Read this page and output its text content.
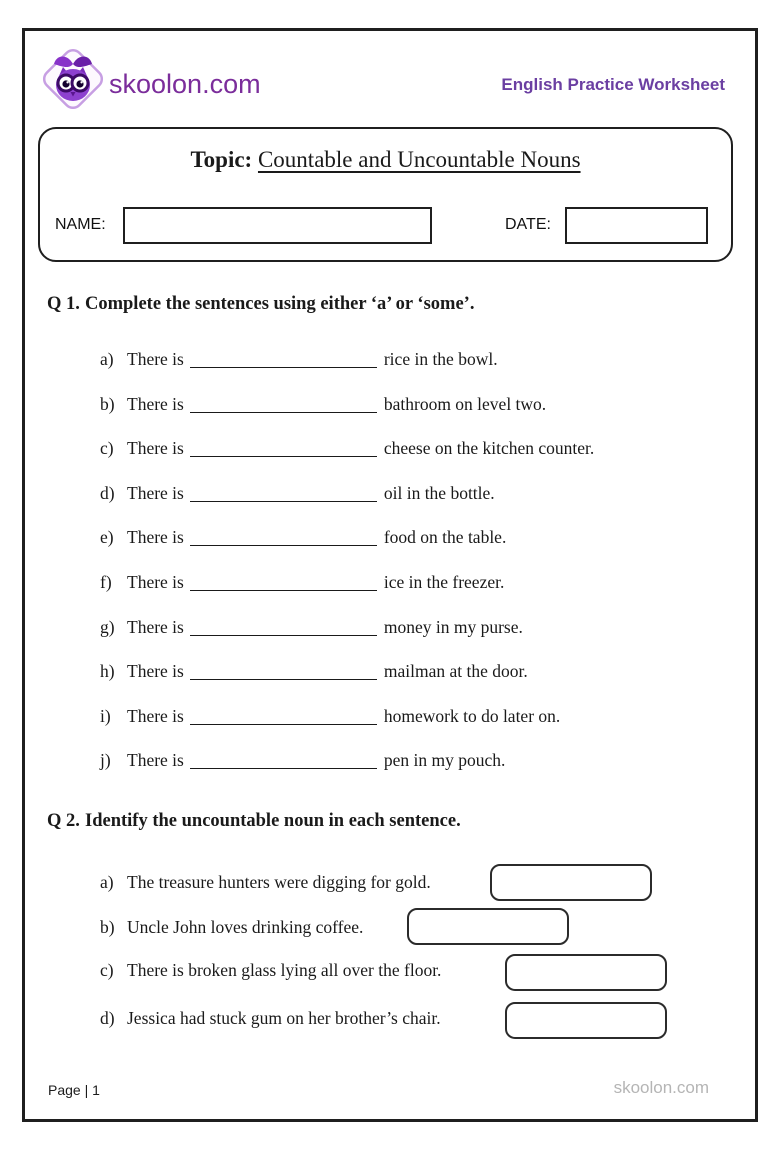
skoolon.com	English Practice Worksheet
Topic: Countable and Uncountable Nouns
NAME:	DATE:
Q 1. Complete the sentences using either ‘a’ or ‘some’.
a) There is	rice in the bowl.
b) There is	bathroom on level two.
c) There is	cheese on the kitchen counter.
d) There is	oil in the bottle.
e) There is	food on the table.
f) There is	ice in the freezer.
g) There is	money in my purse.
h) There is	mailman at the door.
i) There is	homework to do later on.
j) There is	pen in my pouch.
Q 2. Identify the uncountable noun in each sentence.
a) The treasure hunters were digging for gold.
b) Uncle John loves drinking coffee.
c) There is broken glass lying all over the floor.
d) Jessica had stuck gum on her brother’s chair.
Page | 1	skoolon.com
